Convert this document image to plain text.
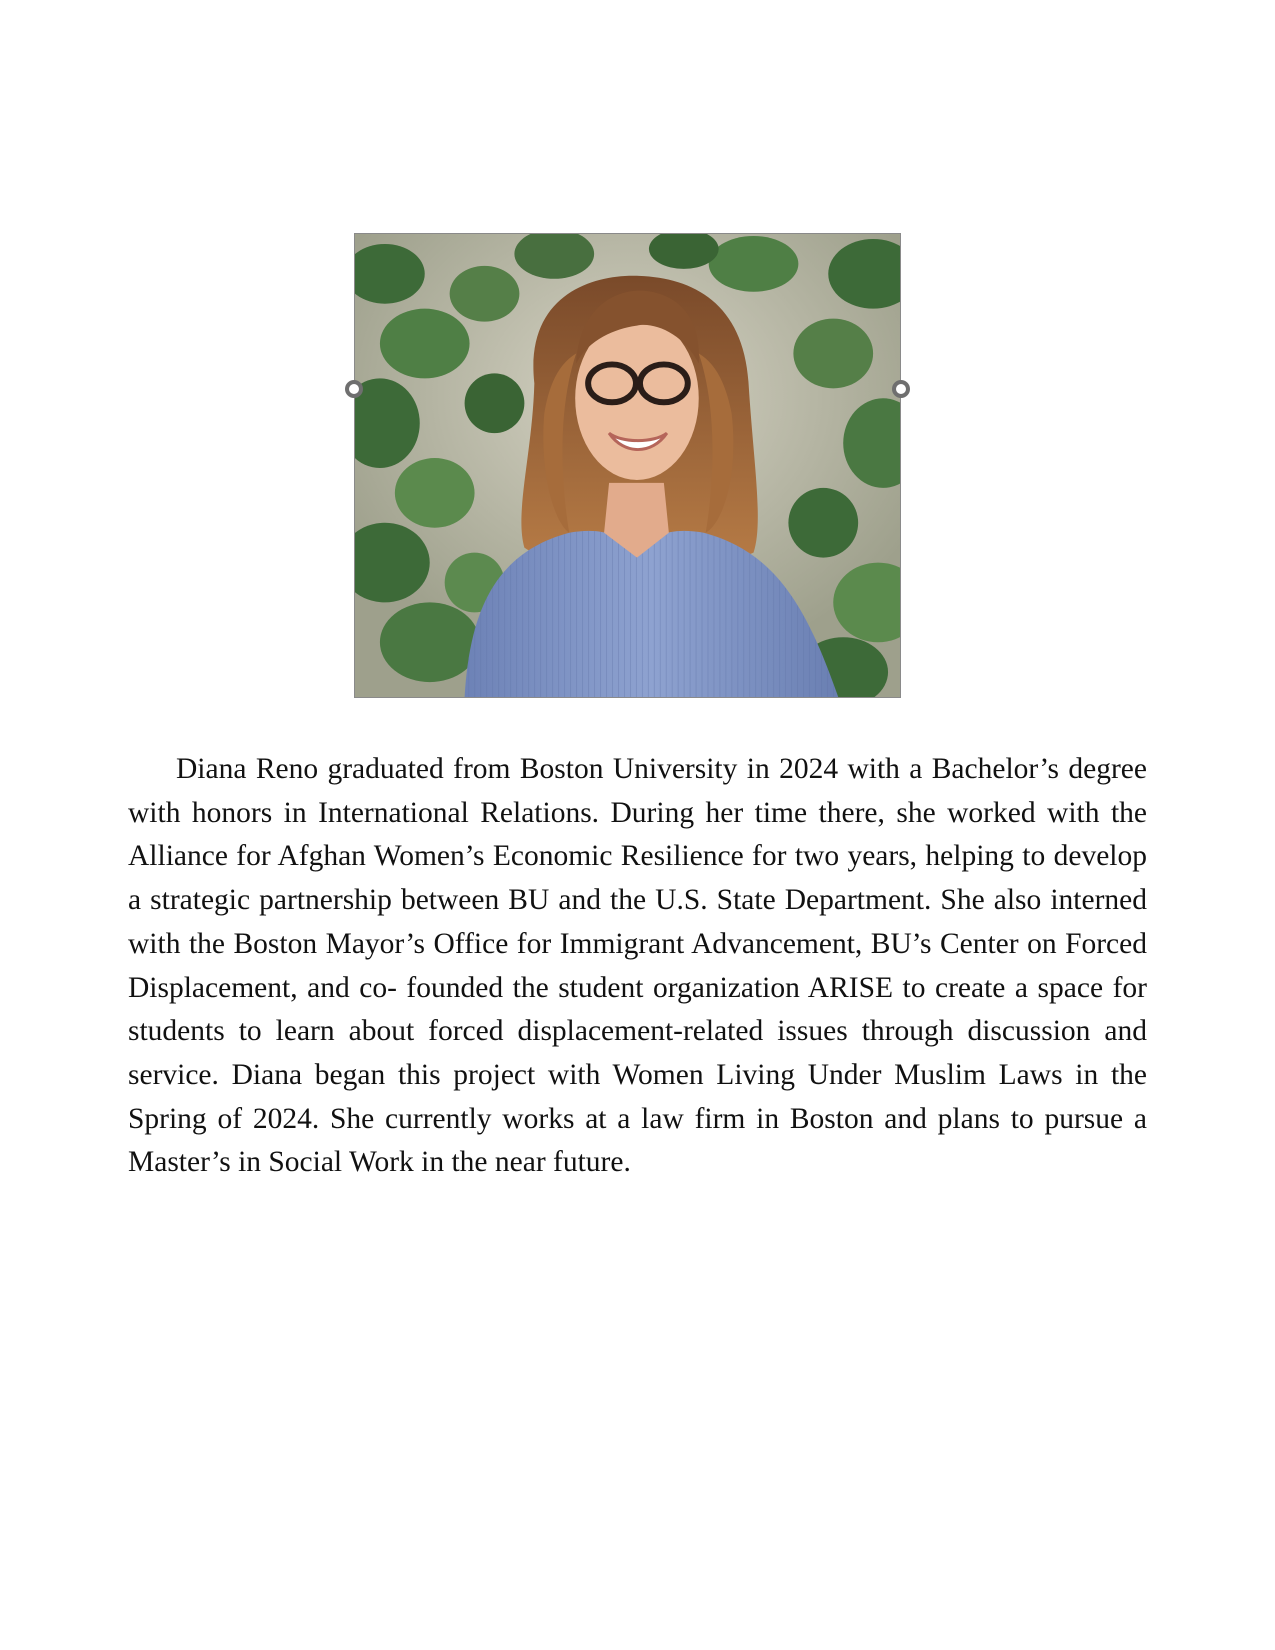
Diana Reno graduated from Boston University in 2024 with a Bachelor’s degree with honors in International Relations. During her time there, she worked with the Alliance for Afghan Women’s Economic Resilience for two years, helping to develop a strategic partnership between BU and the U.S. State Department. She also interned with the Boston Mayor’s Office for Immigrant Advancement, BU’s Center on Forced Displacement, and co- founded the student organization ARISE to create a space for students to learn about forced displacement-related issues through discussion and service. Diana began this project with Women Living Under Muslim Laws in the Spring of 2024. She currently works at a law firm in Boston and plans to pursue a Master’s in Social Work in the near future.
